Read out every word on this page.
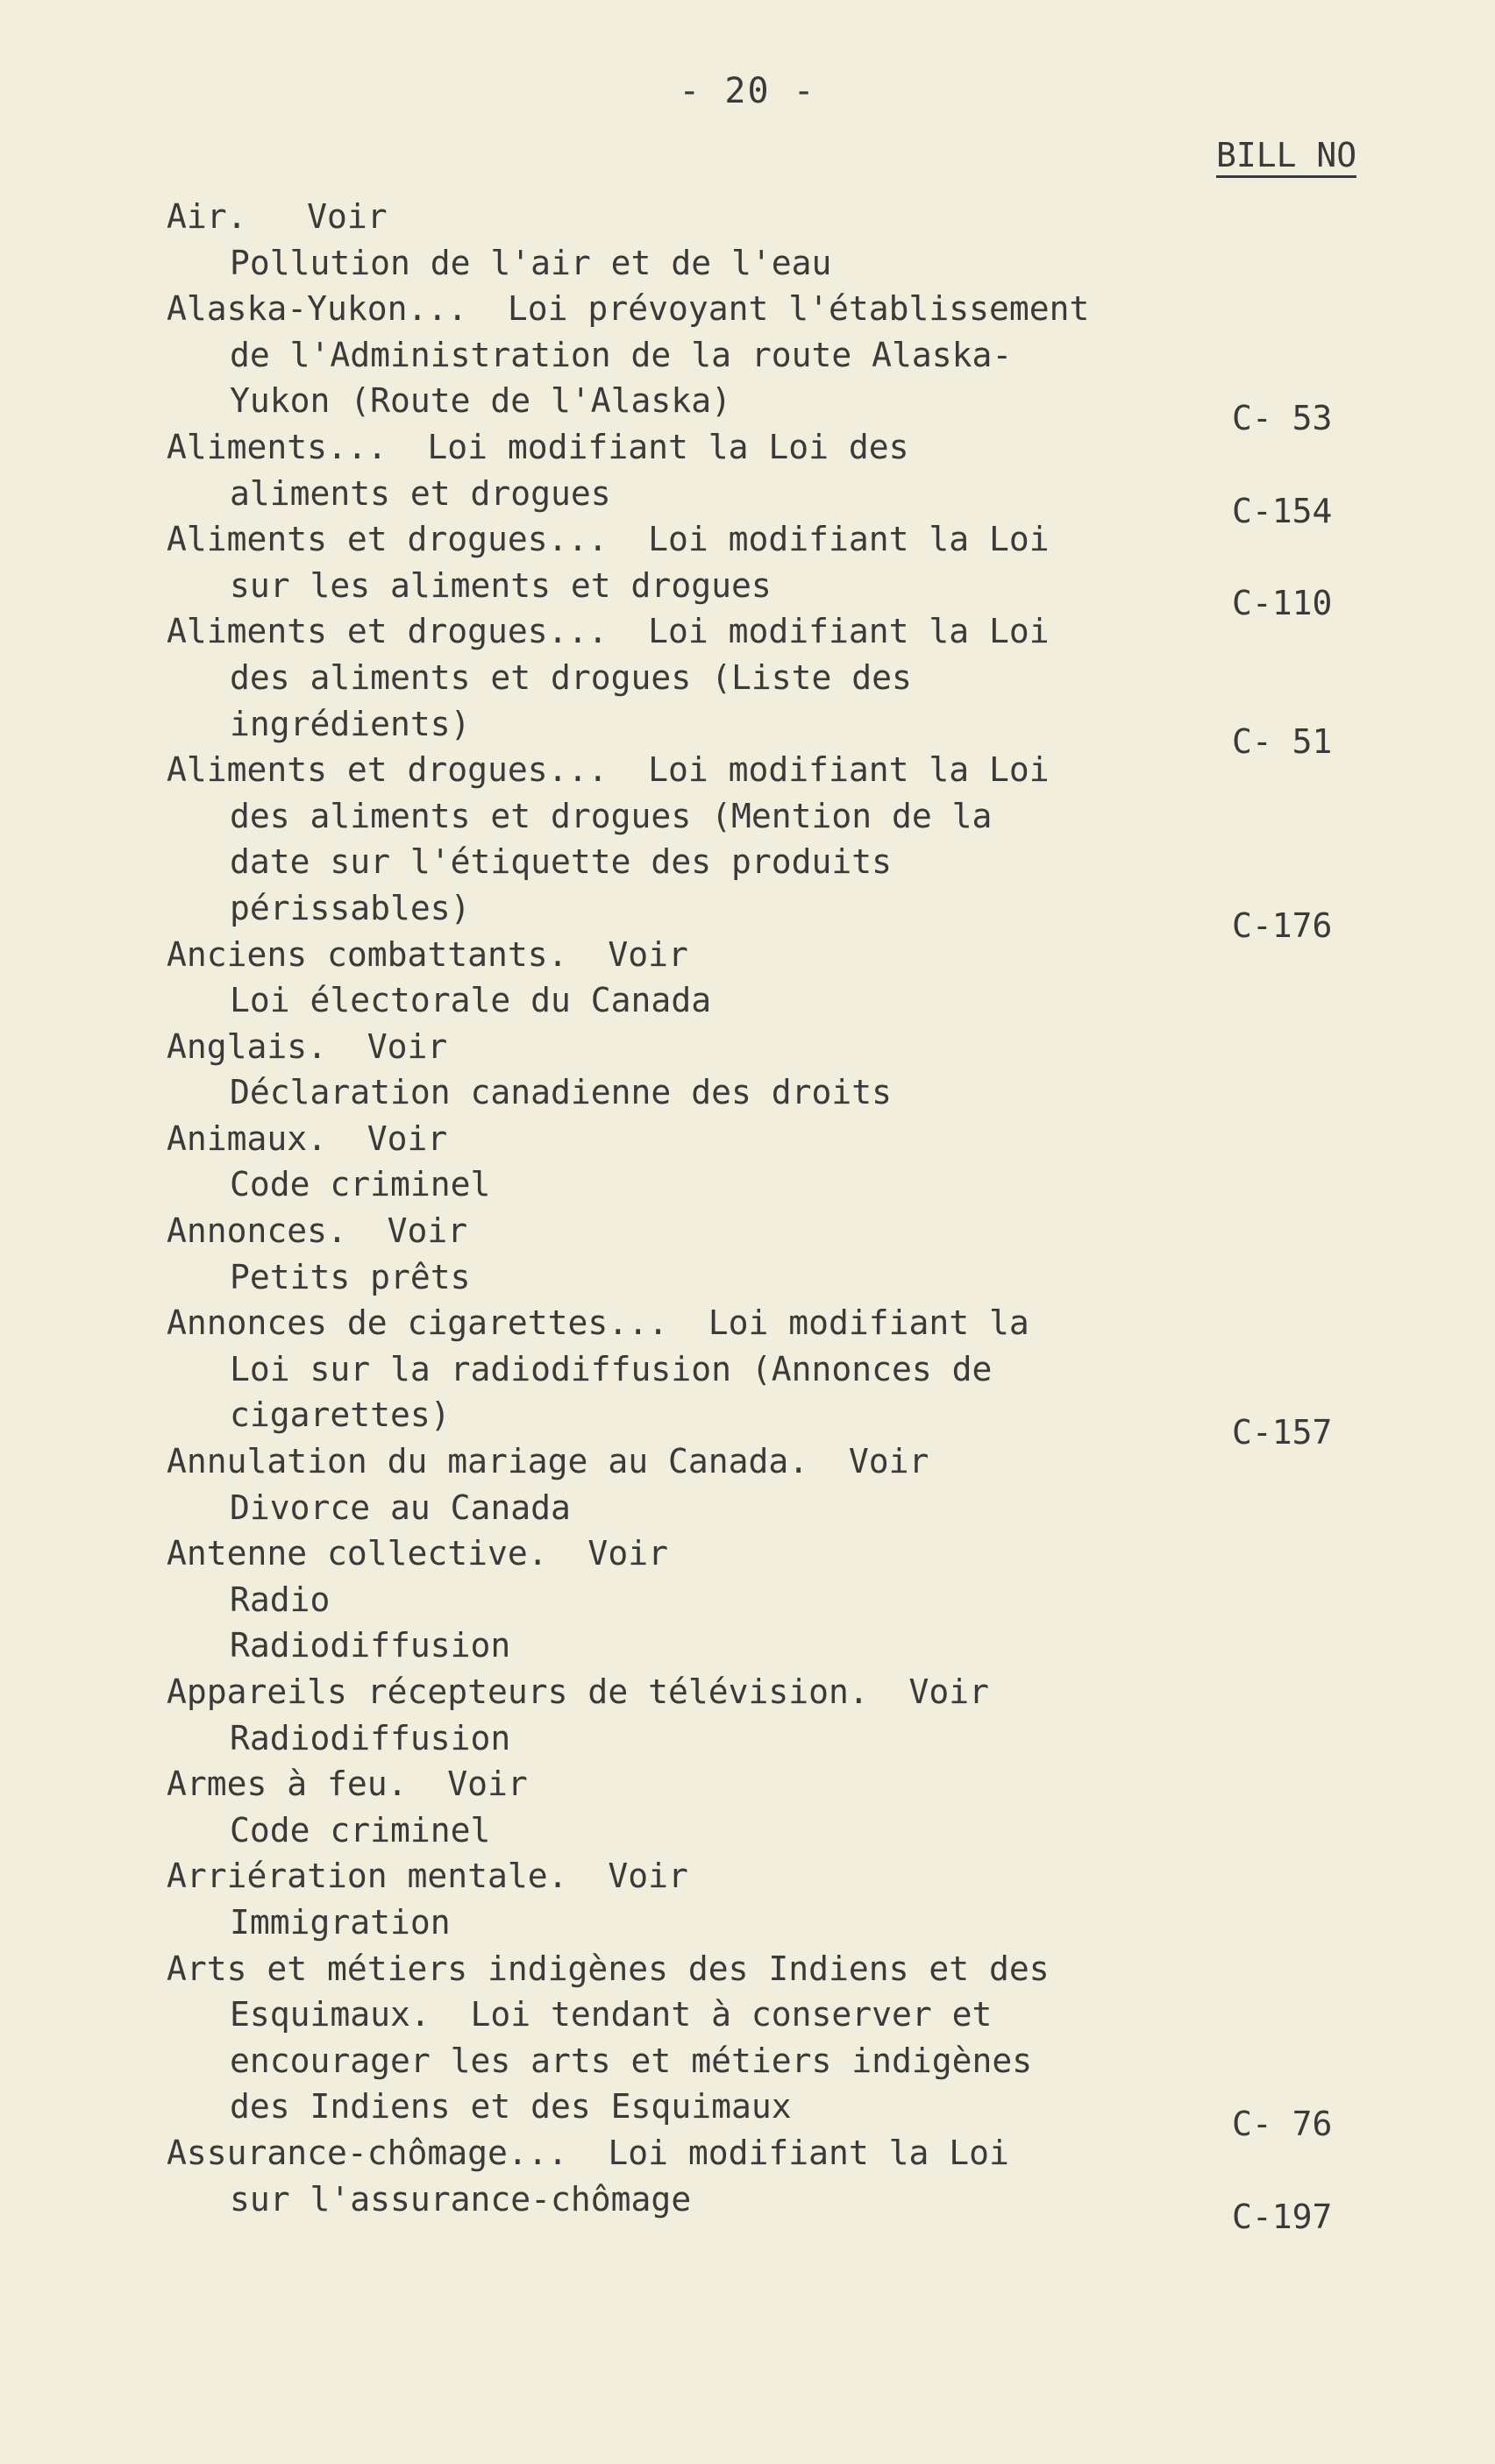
- 20 -
BILL NO
Air.   Voir
Pollution de l'air et de l'eau
Alaska-Yukon...  Loi prévoyant l'établissement
de l'Administration de la route Alaska-
Yukon (Route de l'Alaska)	C- 53
Aliments...  Loi modifiant la Loi des
aliments et drogues	C-154
Aliments et drogues...  Loi modifiant la Loi
sur les aliments et drogues	C-110
Aliments et drogues...  Loi modifiant la Loi
des aliments et drogues (Liste des
ingrédients)	C- 51
Aliments et drogues...  Loi modifiant la Loi
des aliments et drogues (Mention de la
date sur l'étiquette des produits
périssables)	C-176
Anciens combattants.  Voir
Loi électorale du Canada
Anglais.  Voir
Déclaration canadienne des droits
Animaux.  Voir
Code criminel
Annonces.  Voir
Petits prêts
Annonces de cigarettes...  Loi modifiant la
Loi sur la radiodiffusion (Annonces de
cigarettes)	C-157
Annulation du mariage au Canada.  Voir
Divorce au Canada
Antenne collective.  Voir
Radio
Radiodiffusion
Appareils récepteurs de télévision.  Voir
Radiodiffusion
Armes à feu.  Voir
Code criminel
Arriération mentale.  Voir
Immigration
Arts et métiers indigènes des Indiens et des
Esquimaux.  Loi tendant à conserver et
encourager les arts et métiers indigènes
des Indiens et des Esquimaux	C- 76
Assurance-chômage...  Loi modifiant la Loi
sur l'assurance-chômage	C-197
